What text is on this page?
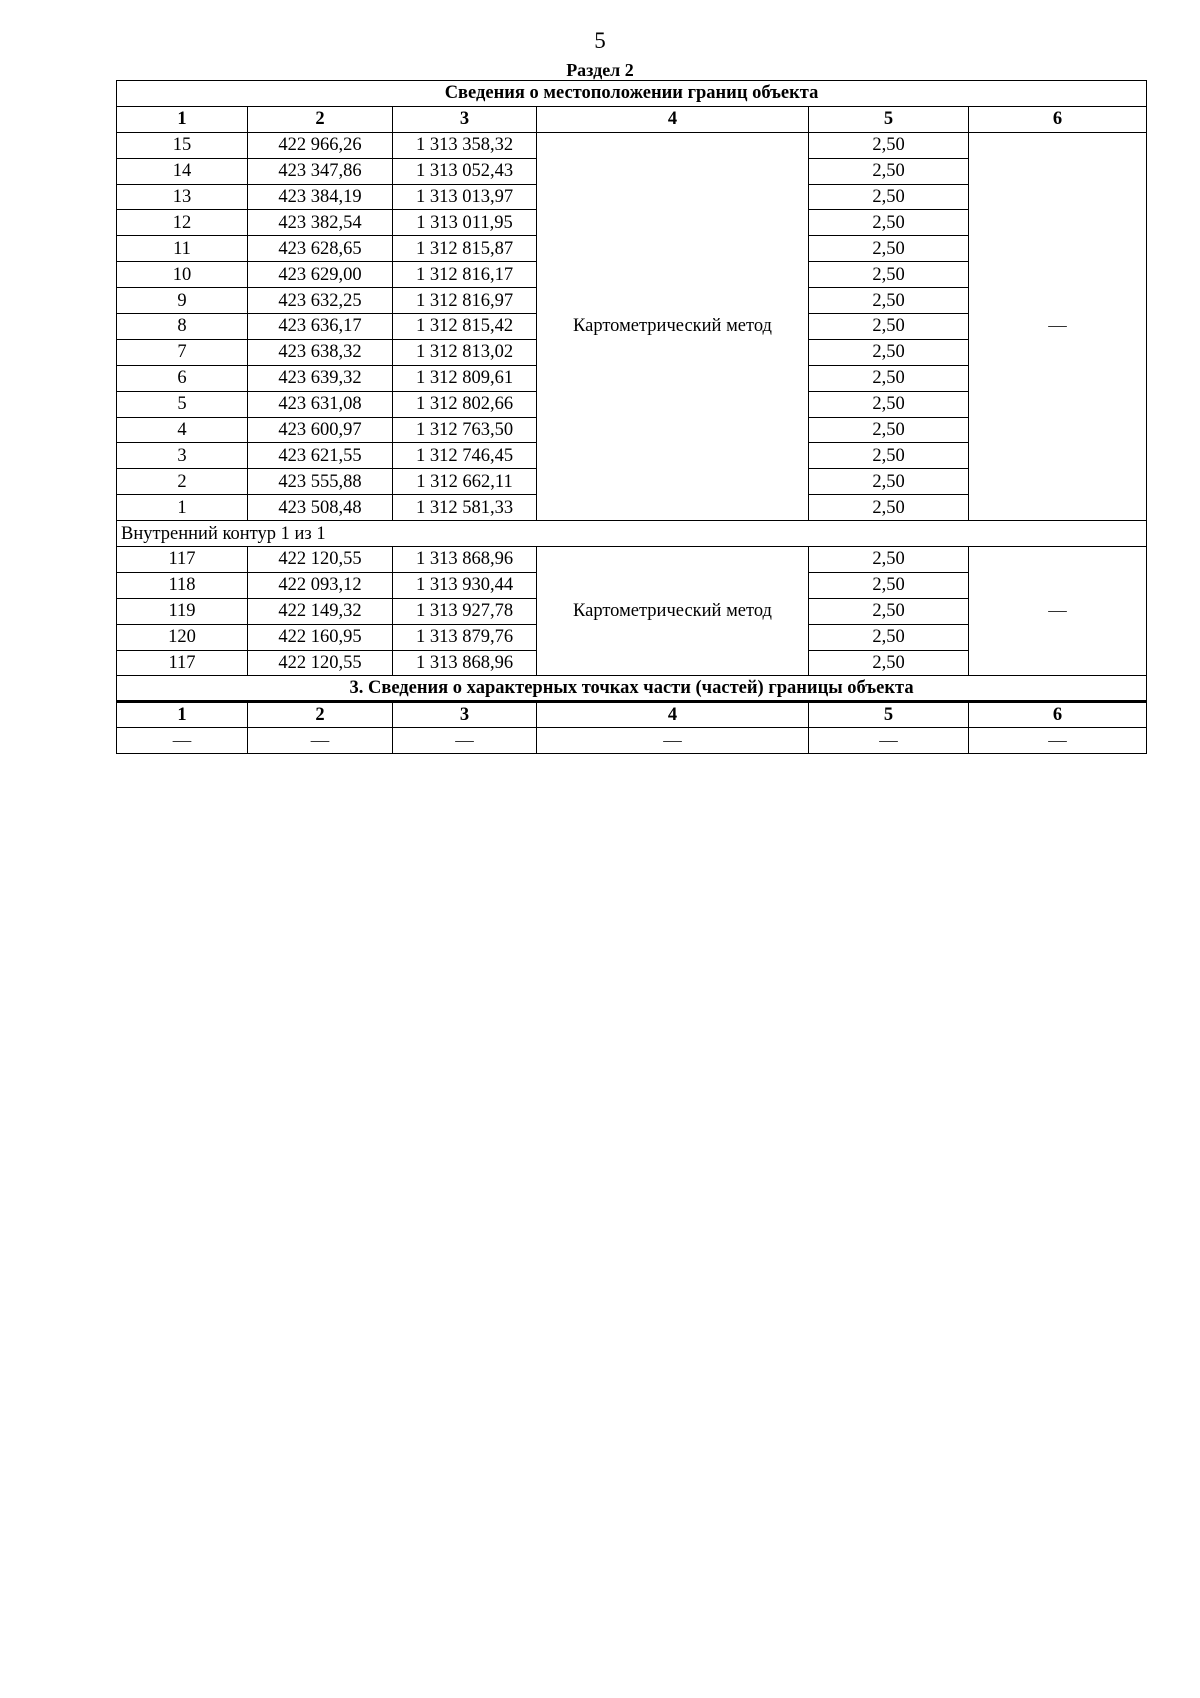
5
Раздел 2
Сведения о местоположении границ объекта					
1	2	3	4	5	6
15	422 966,26	1 313 358,32	Картометрический метод	2,50	—
14	423 347,86	1 313 052,43		2,50	
13	423 384,19	1 313 013,97		2,50	
12	423 382,54	1 313 011,95		2,50	
11	423 628,65	1 312 815,87		2,50	
10	423 629,00	1 312 816,17		2,50	
9	423 632,25	1 312 816,97		2,50	
8	423 636,17	1 312 815,42		2,50	
7	423 638,32	1 312 813,02		2,50	
6	423 639,32	1 312 809,61		2,50	
5	423 631,08	1 312 802,66		2,50	
4	423 600,97	1 312 763,50		2,50	
3	423 621,55	1 312 746,45		2,50	
2	423 555,88	1 312 662,11		2,50	
1	423 508,48	1 312 581,33		2,50	
Внутренний контур 1 из 1					
117	422 120,55	1 313 868,96	Картометрический метод	2,50	—
118	422 093,12	1 313 930,44		2,50	
119	422 149,32	1 313 927,78		2,50	
120	422 160,95	1 313 879,76		2,50	
117	422 120,55	1 313 868,96		2,50	
3. Сведения о характерных точках части (частей) границы объекта					
1	2	3	4	5	6
—	—	—	—	—	—
